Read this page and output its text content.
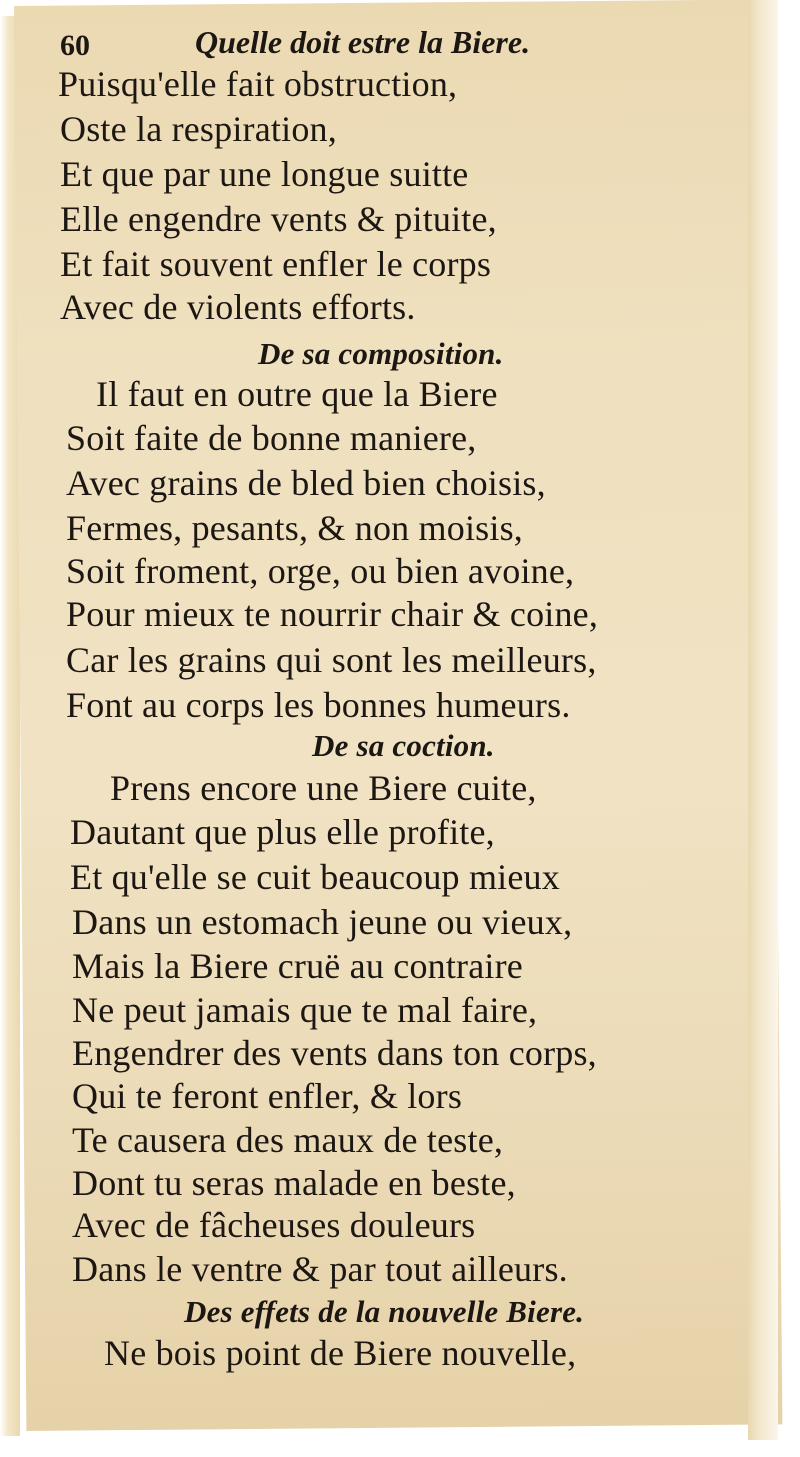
60	Quelle doit estre la Biere.
Puisqu'elle fait obstruction,
Oste la respiration,
Et que par une longue suitte
Elle engendre vents & pituite,
Et fait souvent enfler le corps
Avec de violents efforts.
De sa composition.
Il faut en outre que la Biere
Soit faite de bonne maniere,
Avec grains de bled bien choisis,
Fermes, pesants, & non moisis,
Soit froment, orge, ou bien avoine,
Pour mieux te nourrir chair & coine,
Car les grains qui sont les meilleurs,
Font au corps les bonnes humeurs.
De sa coction.
Prens encore une Biere cuite,
Dautant que plus elle profite,
Et qu'elle se cuit beaucoup mieux
Dans un estomach jeune ou vieux,
Mais la Biere cruë au contraire
Ne peut jamais que te mal faire,
Engendrer des vents dans ton corps,
Qui te feront enfler, & lors
Te causera des maux de teste,
Dont tu seras malade en beste,
Avec de fâcheuses douleurs
Dans le ventre & par tout ailleurs.
Des effets de la nouvelle Biere.
Ne bois point de Biere nouvelle,
